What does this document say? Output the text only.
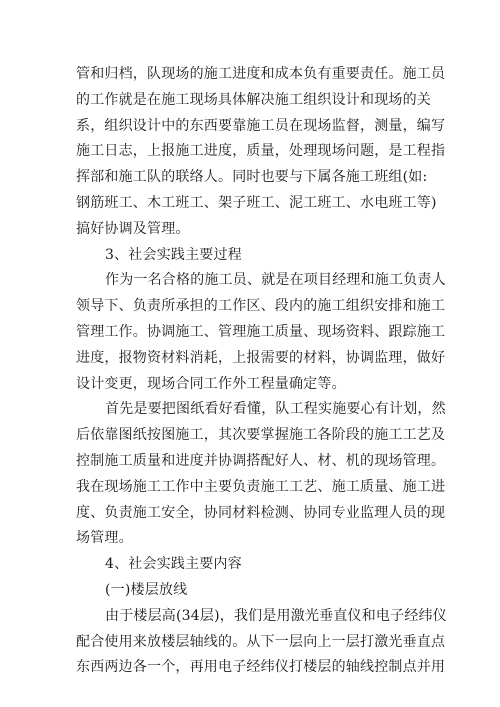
管和归档，队现场的施工进度和成本负有重要责任。施工员
的工作就是在施工现场具体解决施工组织设计和现场的关
系，组织设计中的东西要靠施工员在现场监督，测量，编写
施工日志，上报施工进度，质量，处理现场问题，是工程指
挥部和施工队的联络人。同时也要与下属各施工班组(如:
钢筋班工、木工班工、架子班工、泥工班工、水电班工等)
搞好协调及管理。
3、社会实践主要过程
作为一名合格的施工员、就是在项目经理和施工负责人
领导下、负责所承担的工作区、段内的施工组织安排和施工
管理工作。协调施工、管理施工质量、现场资料、跟踪施工
进度，报物资材料消耗，上报需要的材料，协调监理，做好
设计变更，现场合同工作外工程量确定等。
首先是要把图纸看好看懂，队工程实施要心有计划，然
后依靠图纸按图施工，其次要掌握施工各阶段的施工工艺及
控制施工质量和进度并协调搭配好人、材、机的现场管理。
我在现场施工工作中主要负责施工工艺、施工质量、施工进
度、负责施工安全，协同材料检测、协同专业监理人员的现
场管理。
4、社会实践主要内容
(一)楼层放线
由于楼层高(34层)，我们是用激光垂直仪和电子经纬仪
配合使用来放楼层轴线的。从下一层向上一层打激光垂直点
东西两边各一个，再用电子经纬仪打楼层的轴线控制点并用
